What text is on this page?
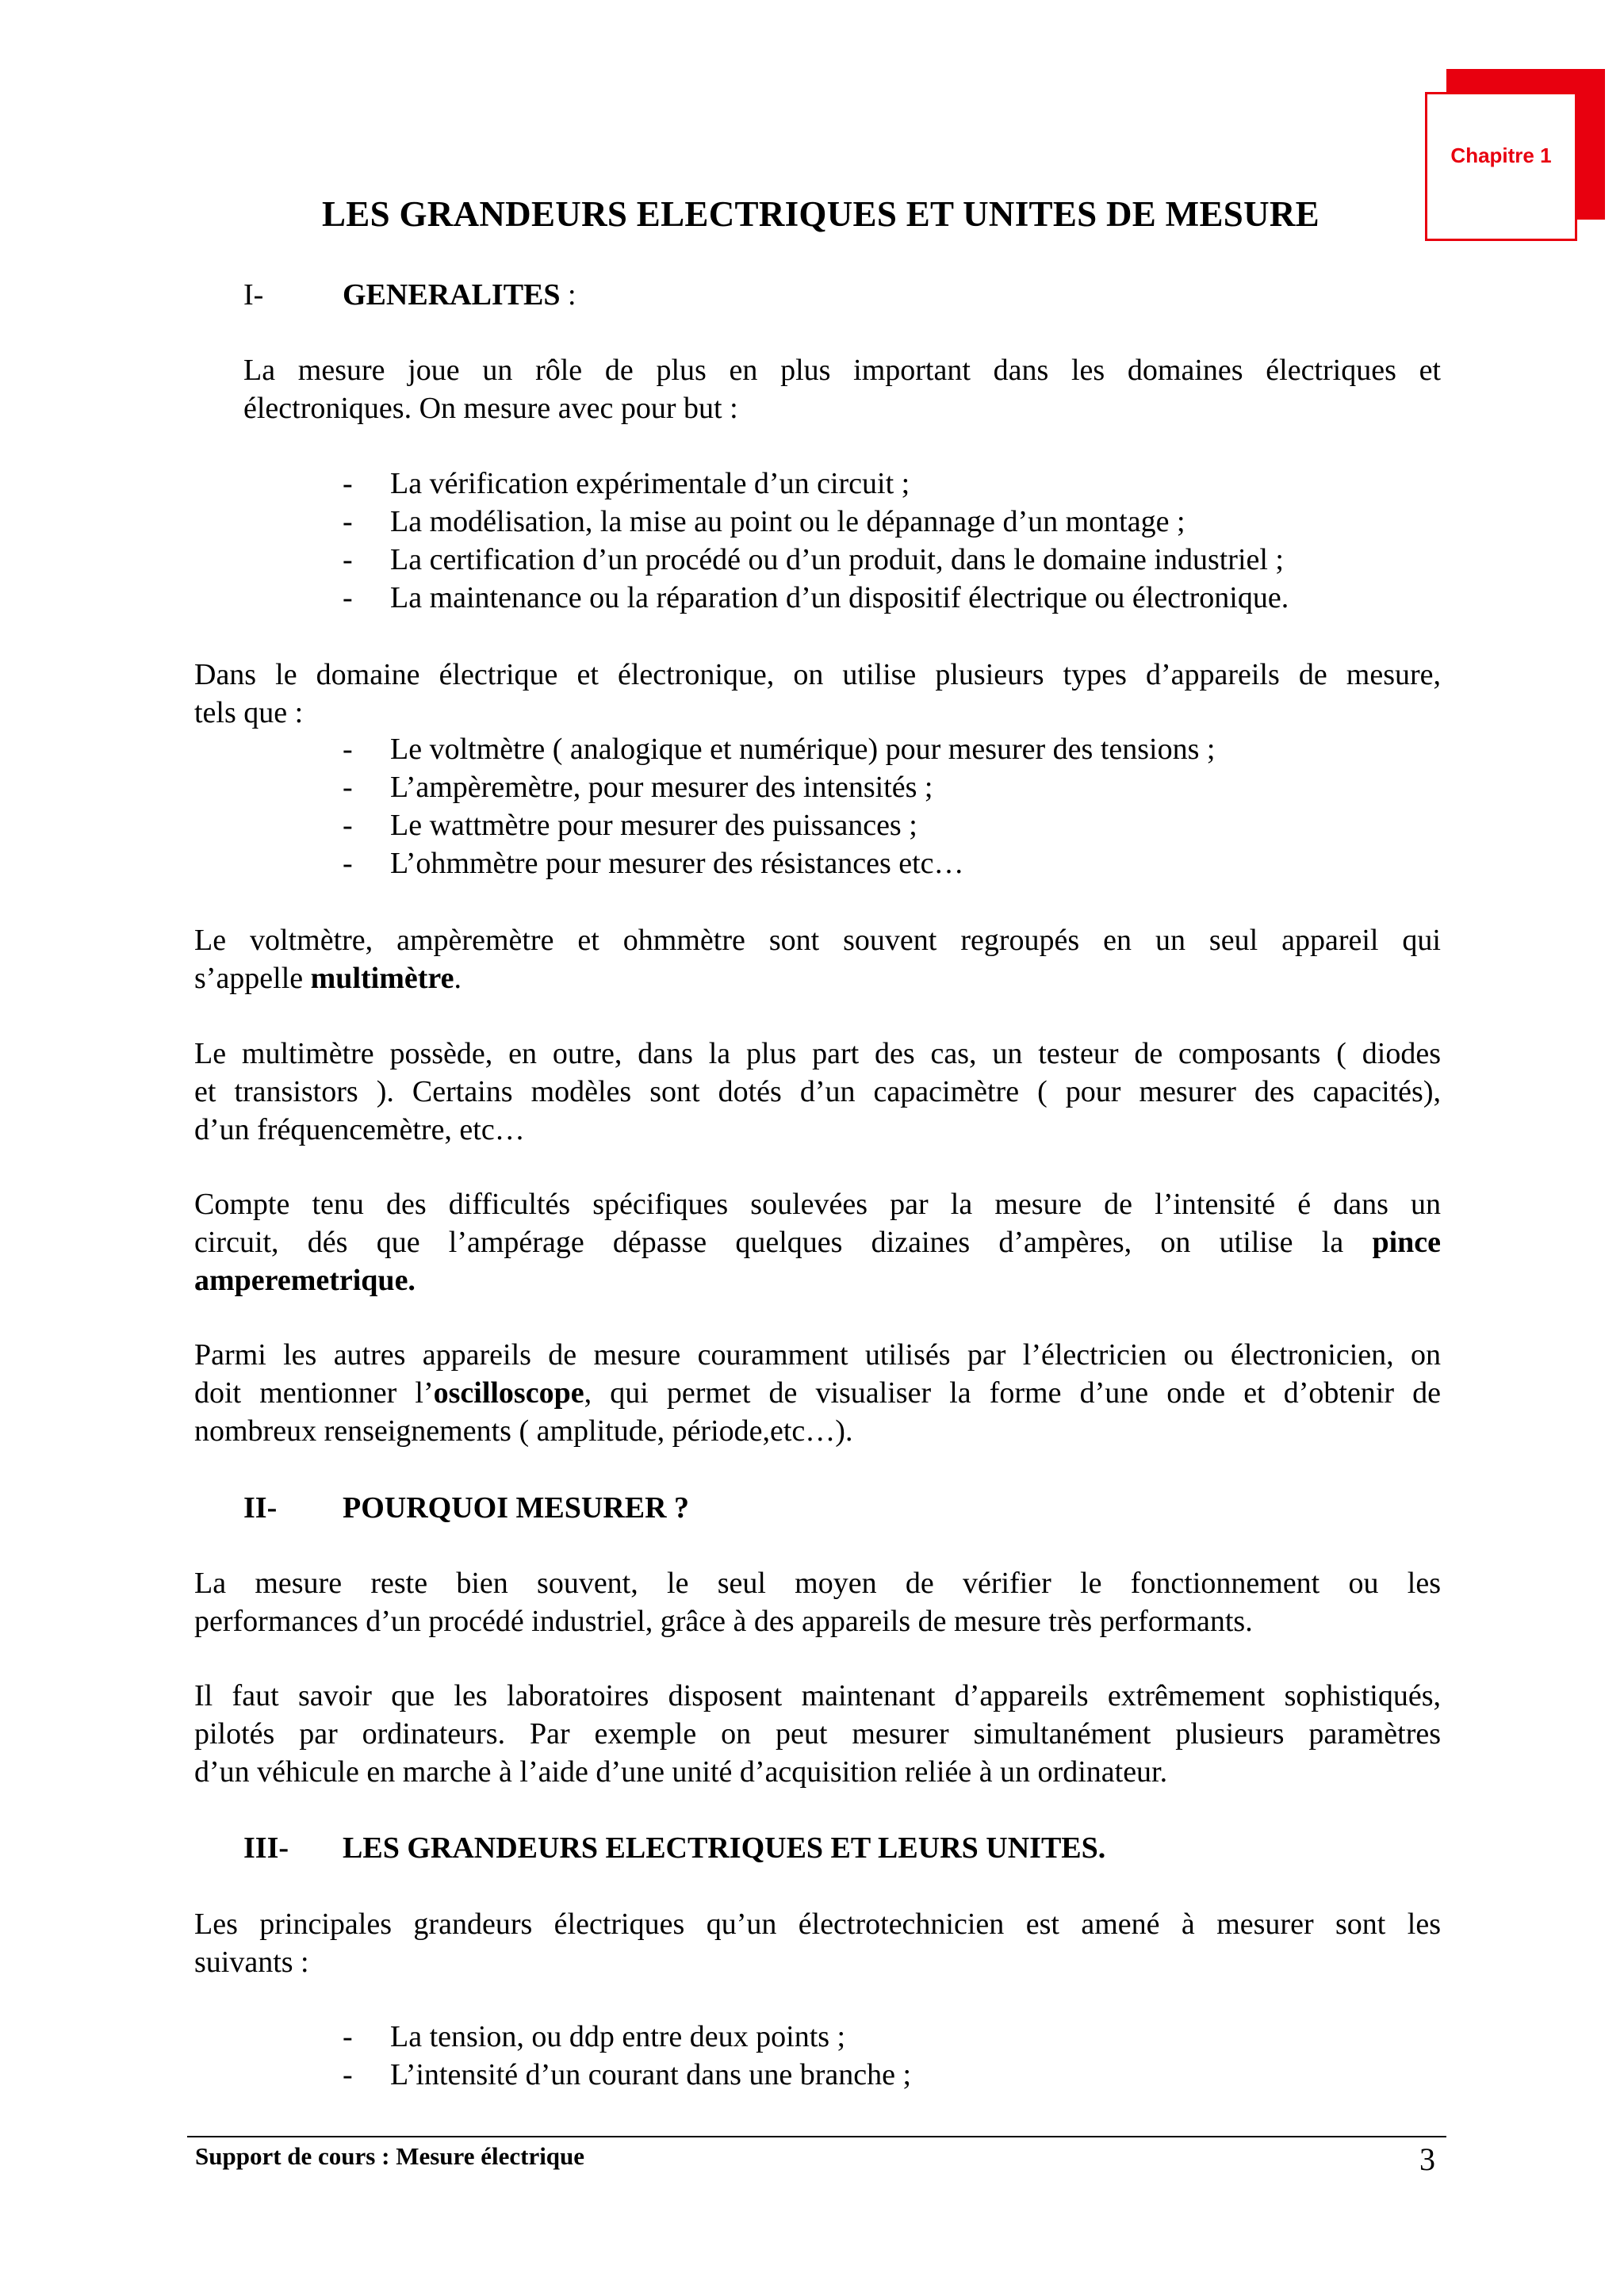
Chapitre 1
LES GRANDEURS ELECTRIQUES ET UNITES DE MESURE
I-	GENERALITES :
La mesure joue un rôle de plus en plus important dans les domaines électriques et
électroniques. On mesure avec pour but :
- La vérification expérimentale d’un circuit ;
- La modélisation, la mise au point ou le dépannage d’un montage ;
- La certification d’un procédé ou d’un produit, dans le domaine industriel ;
- La maintenance ou la réparation d’un dispositif électrique ou électronique.
Dans le domaine électrique et électronique, on utilise plusieurs types d’appareils de mesure,
tels que :
- Le voltmètre ( analogique et numérique) pour mesurer des tensions ;
- L’ampèremètre, pour mesurer des intensités ;
- Le wattmètre pour mesurer des puissances ;
- L’ohmmètre pour mesurer des résistances etc…
Le voltmètre, ampèremètre et ohmmètre sont souvent regroupés en un seul appareil qui
s’appelle multimètre.
Le multimètre possède, en outre, dans la plus part des cas, un testeur de composants ( diodes
et transistors ). Certains modèles sont dotés d’un capacimètre ( pour mesurer des capacités),
d’un fréquencemètre, etc…
Compte tenu des difficultés spécifiques soulevées par la mesure de l’intensité é dans un
circuit, dés que l’ampérage dépasse quelques dizaines d’ampères, on utilise la pince
amperemetrique.
Parmi les autres appareils de mesure couramment utilisés par l’électricien ou électronicien, on
doit mentionner l’oscilloscope, qui permet de visualiser la forme d’une onde et d’obtenir de
nombreux renseignements ( amplitude, période,etc…).
II- POURQUOI MESURER ?
La mesure reste bien souvent, le seul moyen de vérifier le fonctionnement ou les
performances d’un procédé industriel, grâce à des appareils de mesure très performants.
Il faut savoir que les laboratoires disposent maintenant d’appareils extrêmement sophistiqués,
pilotés par ordinateurs. Par exemple on peut mesurer simultanément plusieurs paramètres
d’un véhicule en marche à l’aide d’une unité d’acquisition reliée à un ordinateur.
III- LES GRANDEURS ELECTRIQUES ET LEURS UNITES.
Les principales grandeurs électriques qu’un électrotechnicien est amené à mesurer sont les
suivants :
- La tension, ou ddp entre deux points ;
- L’intensité d’un courant dans une branche ;
Support de cours : Mesure électrique	3
